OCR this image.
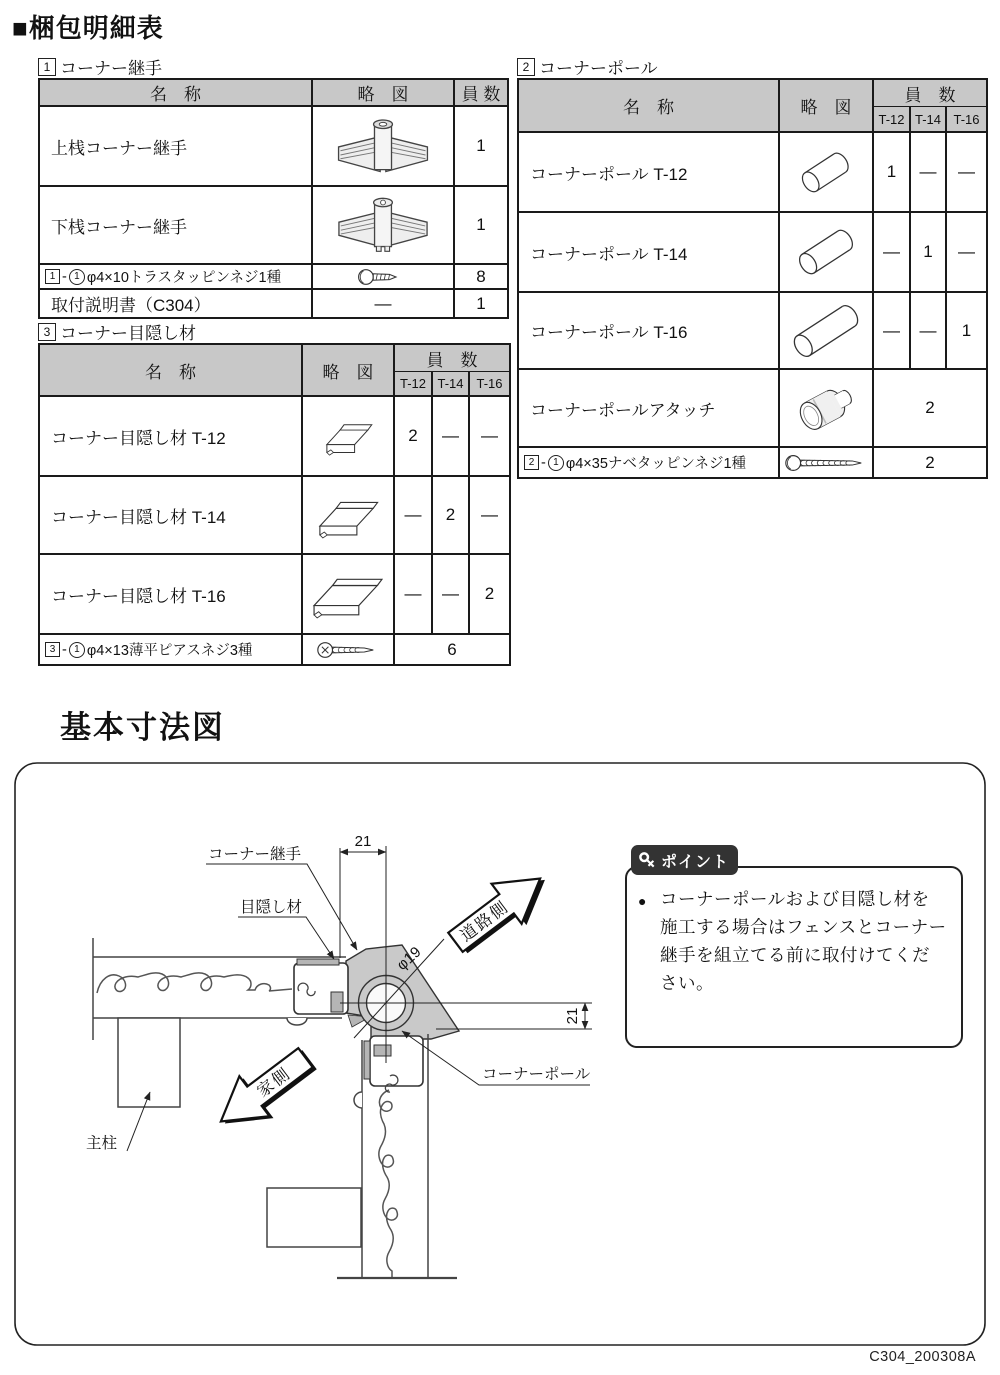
■梱包明細表
1 コーナー継手
名　称	略　図	員 数
上桟コーナー継手	1
下桟コーナー継手	1
1 - 1 φ4×10トラスタッピンネジ1種	8
取付説明書（C304）	—	1
2 コーナーポール
名　称	略　図
員　数
T-12 T-14 T-16
コーナーポール T-12	1	—	—
コーナーポール T-14	—	1	—
コーナーポール T-16	—	—	1
コーナーポールアタッチ	2
2 - 1 φ4×35ナベタッピンネジ1種	2
3 コーナー目隠し材
名　称	略　図
員　数
T-12 T-14 T-16
コーナー目隠し材 T-12	2	—	—
コーナー目隠し材 T-14	—	2	—
コーナー目隠し材 T-16	—	—	2
3 - 1 φ4×13薄平ピアスネジ3種	6
基本寸法図
21
21
φ19
コーナー継手
目隠し材
コーナーポール
主柱
道路側
家側
ポイント
● コーナーポールおよび目隠し材を
施工する場合はフェンスとコーナー
継手を組立てる前に取付けてくだ
さい。
C304_200308A
